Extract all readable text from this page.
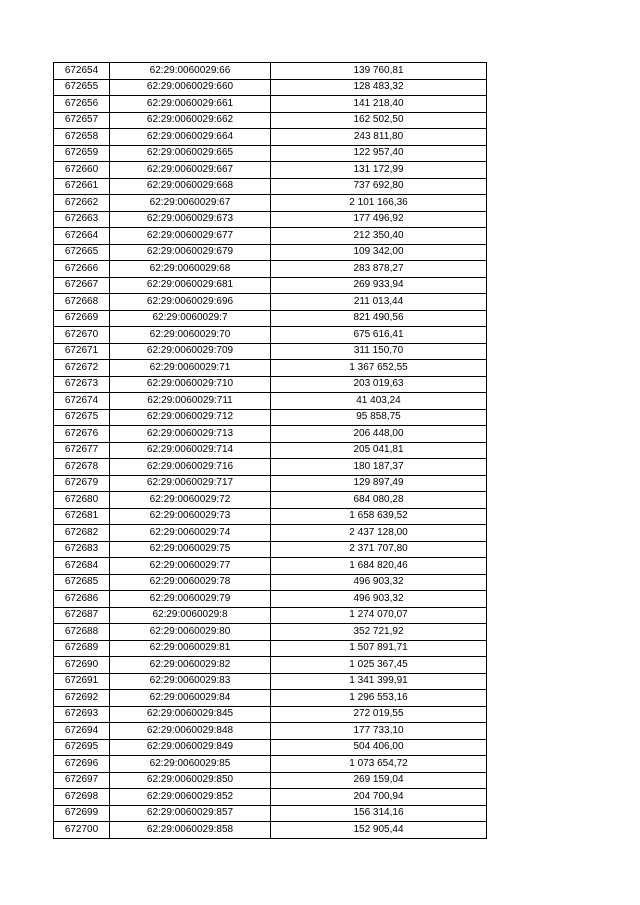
672654	62:29:0060029:66	139 760,81
672655	62:29:0060029:660	128 483,32
672656	62:29:0060029:661	141 218,40
672657	62:29:0060029:662	162 502,50
672658	62:29:0060029:664	243 811,80
672659	62:29:0060029:665	122 957,40
672660	62:29:0060029:667	131 172,99
672661	62:29:0060029:668	737 692,80
672662	62:29:0060029:67	2 101 166,36
672663	62:29:0060029:673	177 496,92
672664	62:29:0060029:677	212 350,40
672665	62:29:0060029:679	109 342,00
672666	62:29:0060029:68	283 878,27
672667	62:29:0060029:681	269 933,94
672668	62:29:0060029:696	211 013,44
672669	62:29:0060029:7	821 490,56
672670	62:29:0060029:70	675 616,41
672671	62:29:0060029:709	311 150,70
672672	62:29:0060029:71	1 367 652,55
672673	62:29:0060029:710	203 019,63
672674	62:29:0060029:711	41 403,24
672675	62:29:0060029:712	95 858,75
672676	62:29:0060029:713	206 448,00
672677	62:29:0060029:714	205 041,81
672678	62:29:0060029:716	180 187,37
672679	62:29:0060029:717	129 897,49
672680	62:29:0060029:72	684 080,28
672681	62:29:0060029:73	1 658 639,52
672682	62:29:0060029:74	2 437 128,00
672683	62:29:0060029:75	2 371 707,80
672684	62:29:0060029:77	1 684 820,46
672685	62:29:0060029:78	496 903,32
672686	62:29:0060029:79	496 903,32
672687	62:29:0060029:8	1 274 070,07
672688	62:29:0060029:80	352 721,92
672689	62:29:0060029:81	1 507 891,71
672690	62:29:0060029:82	1 025 367,45
672691	62:29:0060029:83	1 341 399,91
672692	62:29:0060029:84	1 296 553,16
672693	62:29:0060029:845	272 019,55
672694	62:29:0060029:848	177 733,10
672695	62:29:0060029:849	504 406,00
672696	62:29:0060029:85	1 073 654,72
672697	62:29:0060029:850	269 159,04
672698	62:29:0060029:852	204 700,94
672699	62:29:0060029:857	156 314,16
672700	62:29:0060029:858	152 905,44
